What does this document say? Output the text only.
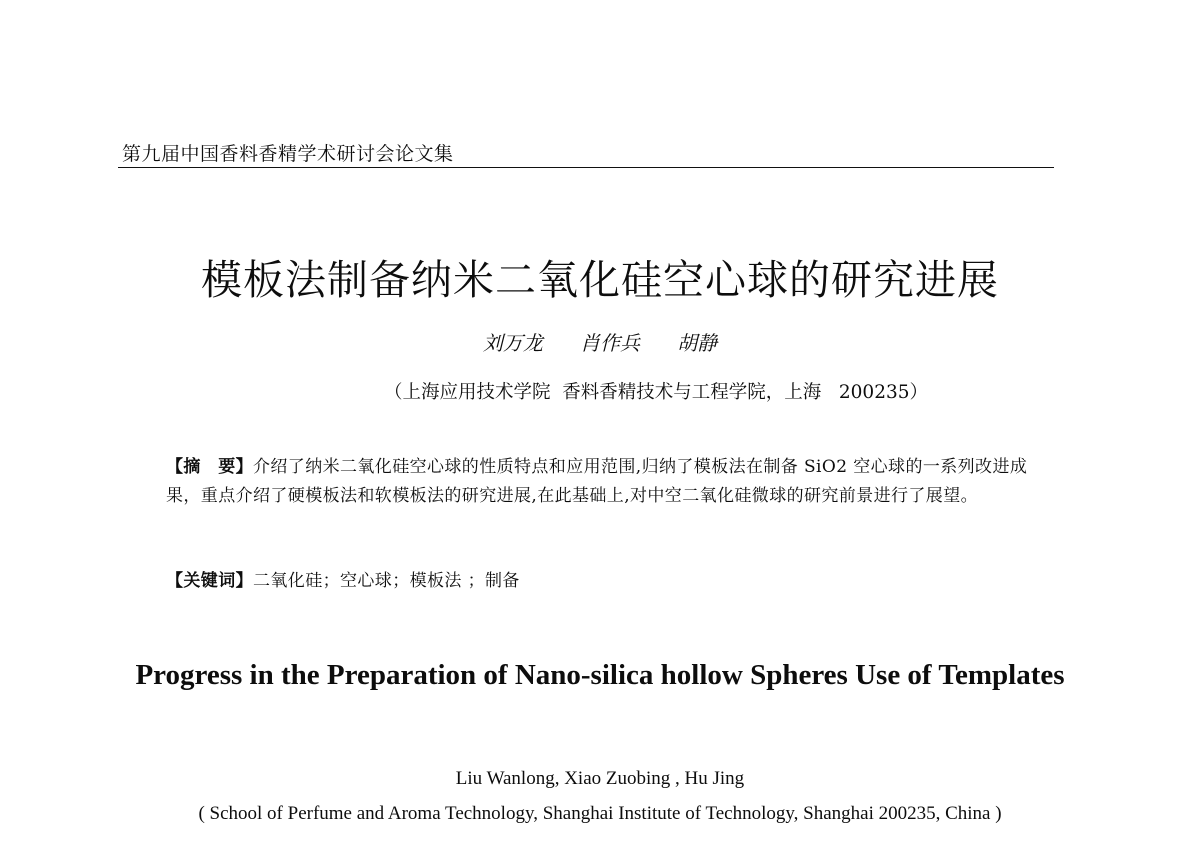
第九届中国香料香精学术研讨会论文集
模板法制备纳米二氧化硅空心球的研究进展
刘万龙   肖作兵   胡静
（上海应用技术学院  香料香精技术与工程学院，上海   200235）
【摘　要】介绍了纳米二氧化硅空心球的性质特点和应用范围,归纳了模板法在制备 SiO2 空心球的一系列改进成果，重点介绍了硬模板法和软模板法的研究进展,在此基础上,对中空二氧化硅微球的研究前景进行了展望。
【关键词】二氧化硅；空心球；模板法 ；制备
Progress in the Preparation of Nano-silica hollow Spheres Use of Templates
Liu Wanlong, Xiao Zuobing , Hu Jing
( School of Perfume and Aroma Technology, Shanghai Institute of Technology, Shanghai 200235, China )
